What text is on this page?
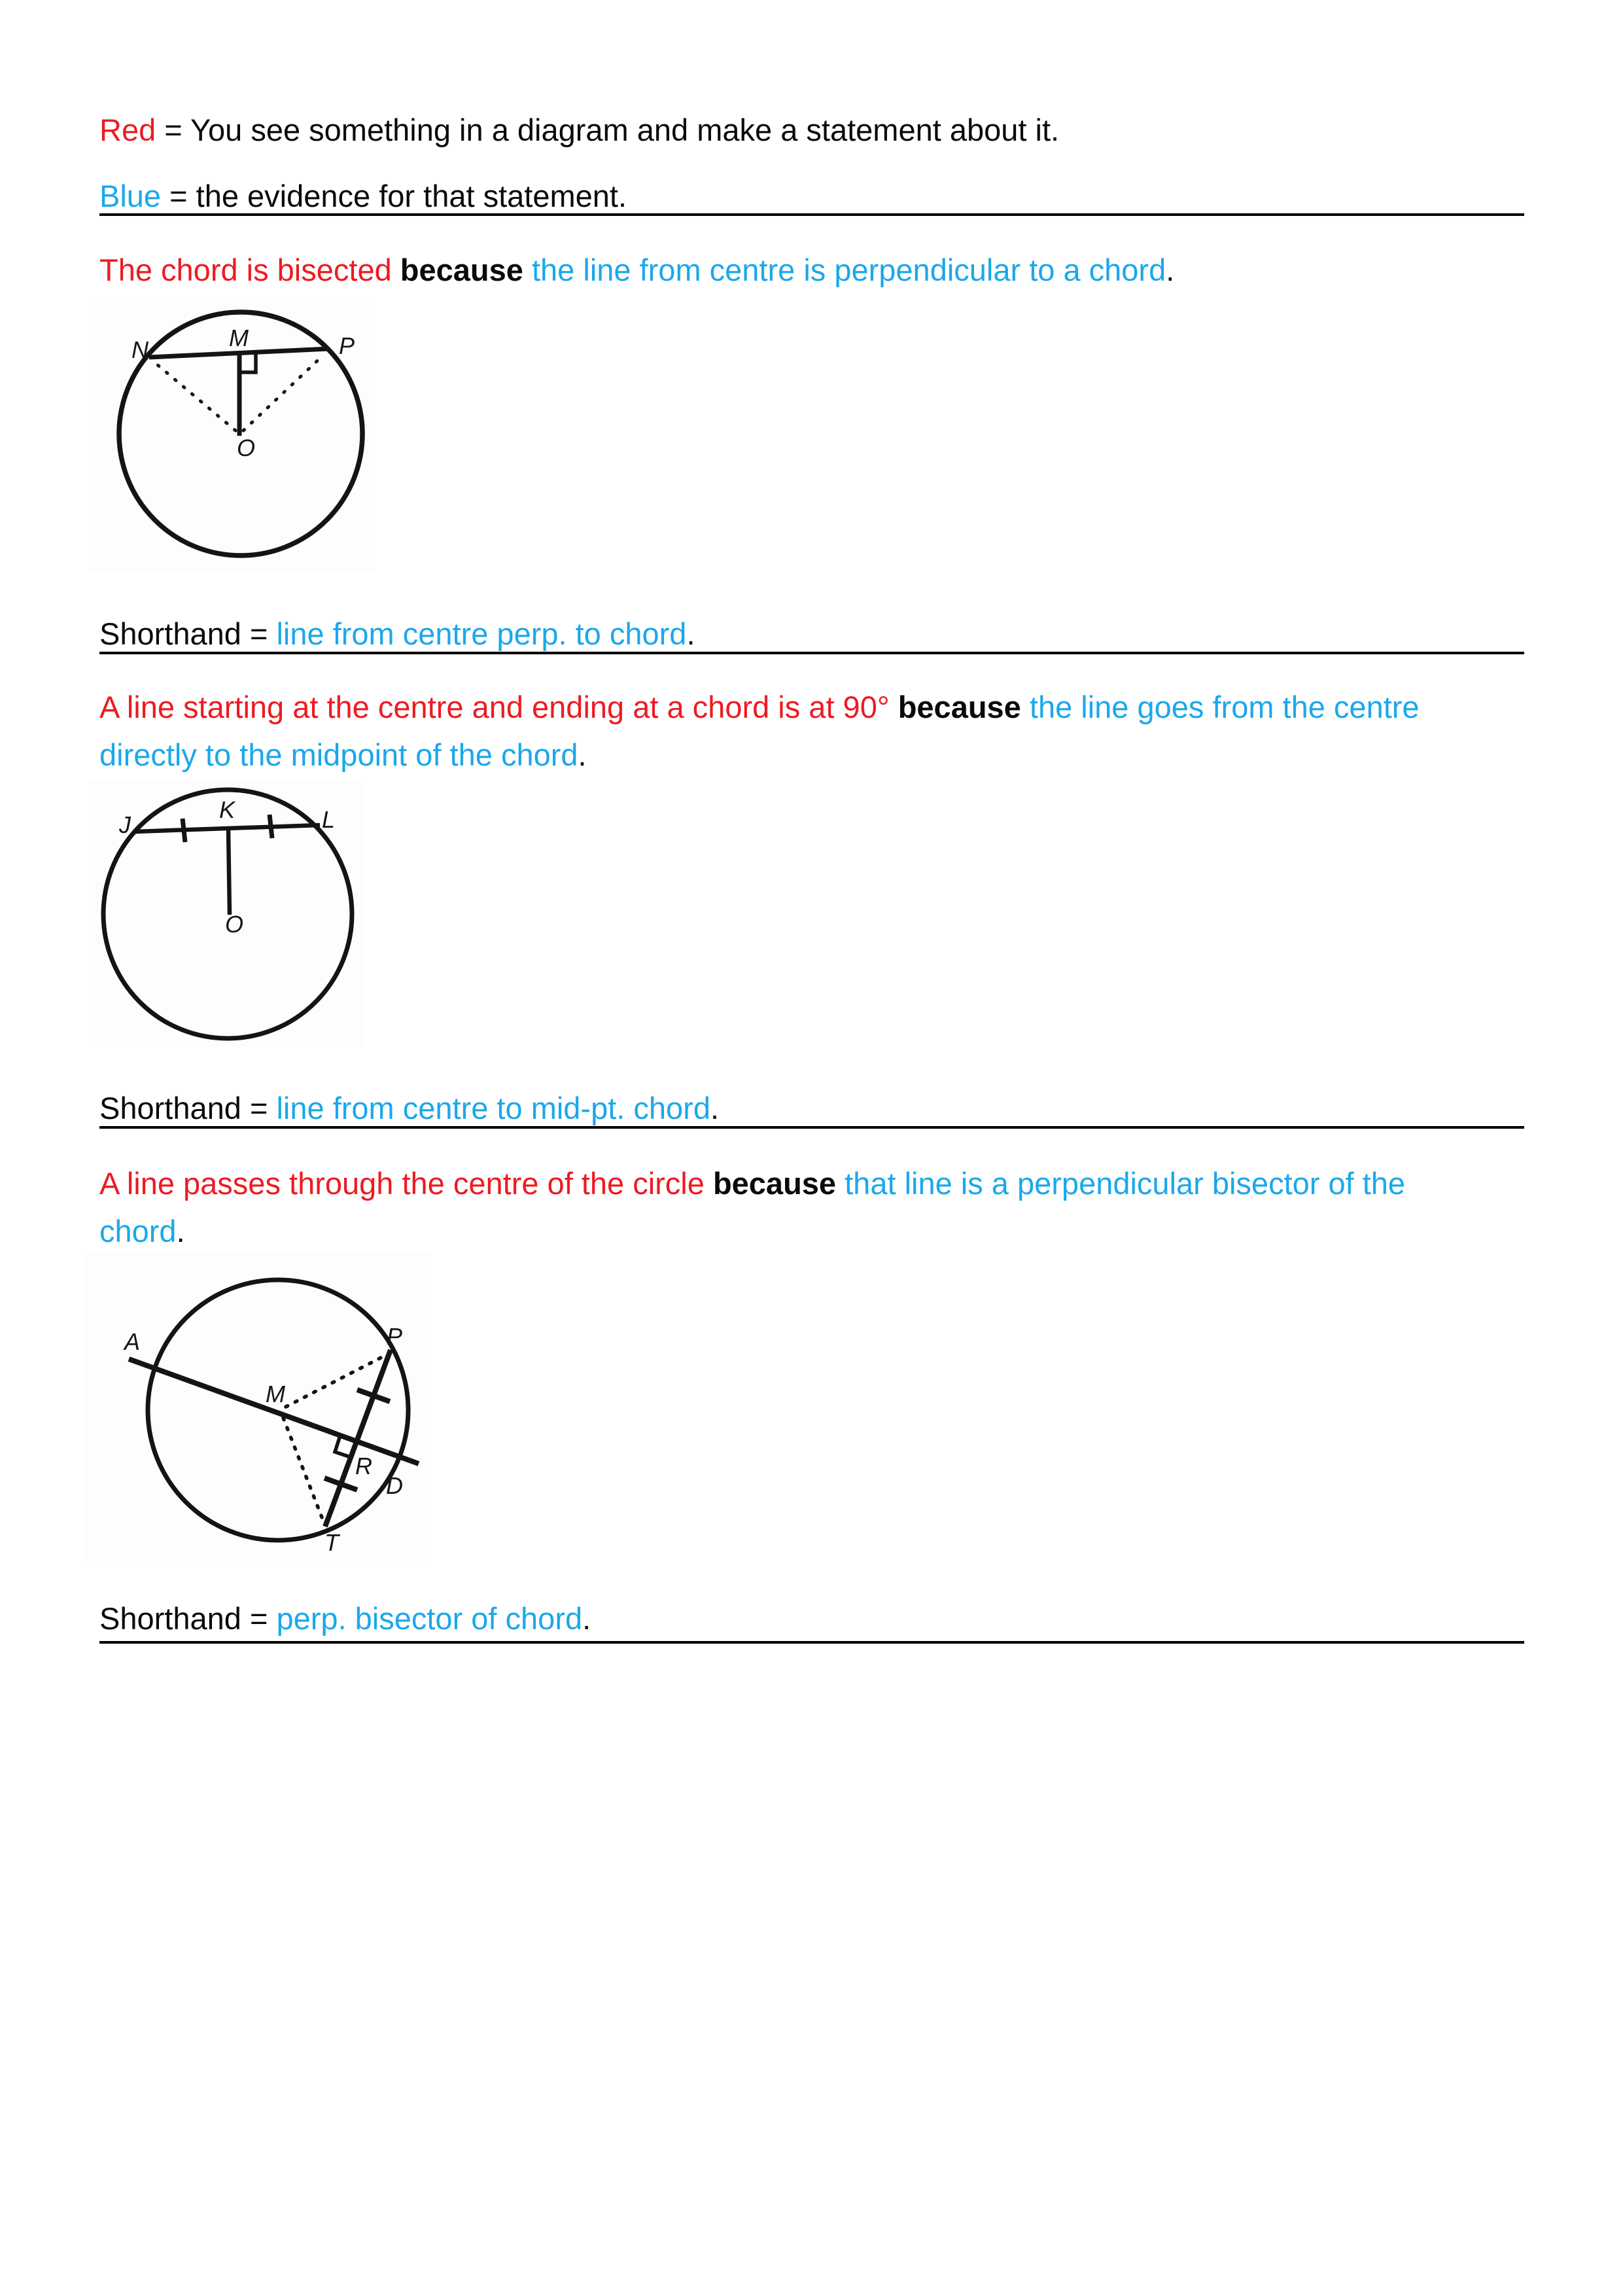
Red = You see something in a diagram and make a statement about it.
Blue = the evidence for that statement.
The chord is bisected because the line from centre is perpendicular to a chord.
N	M	P
O
Shorthand = line from centre perp. to chord.
A line starting at the centre and ending at a chord is at 90° because the line goes from the centre
directly to the midpoint of the chord.
J
K	L
O
Shorthand = line from centre to mid-pt. chord.
A line passes through the centre of the circle because that line is a perpendicular bisector of the
chord.
A	P
M
R
D
T
Shorthand = perp. bisector of chord.
